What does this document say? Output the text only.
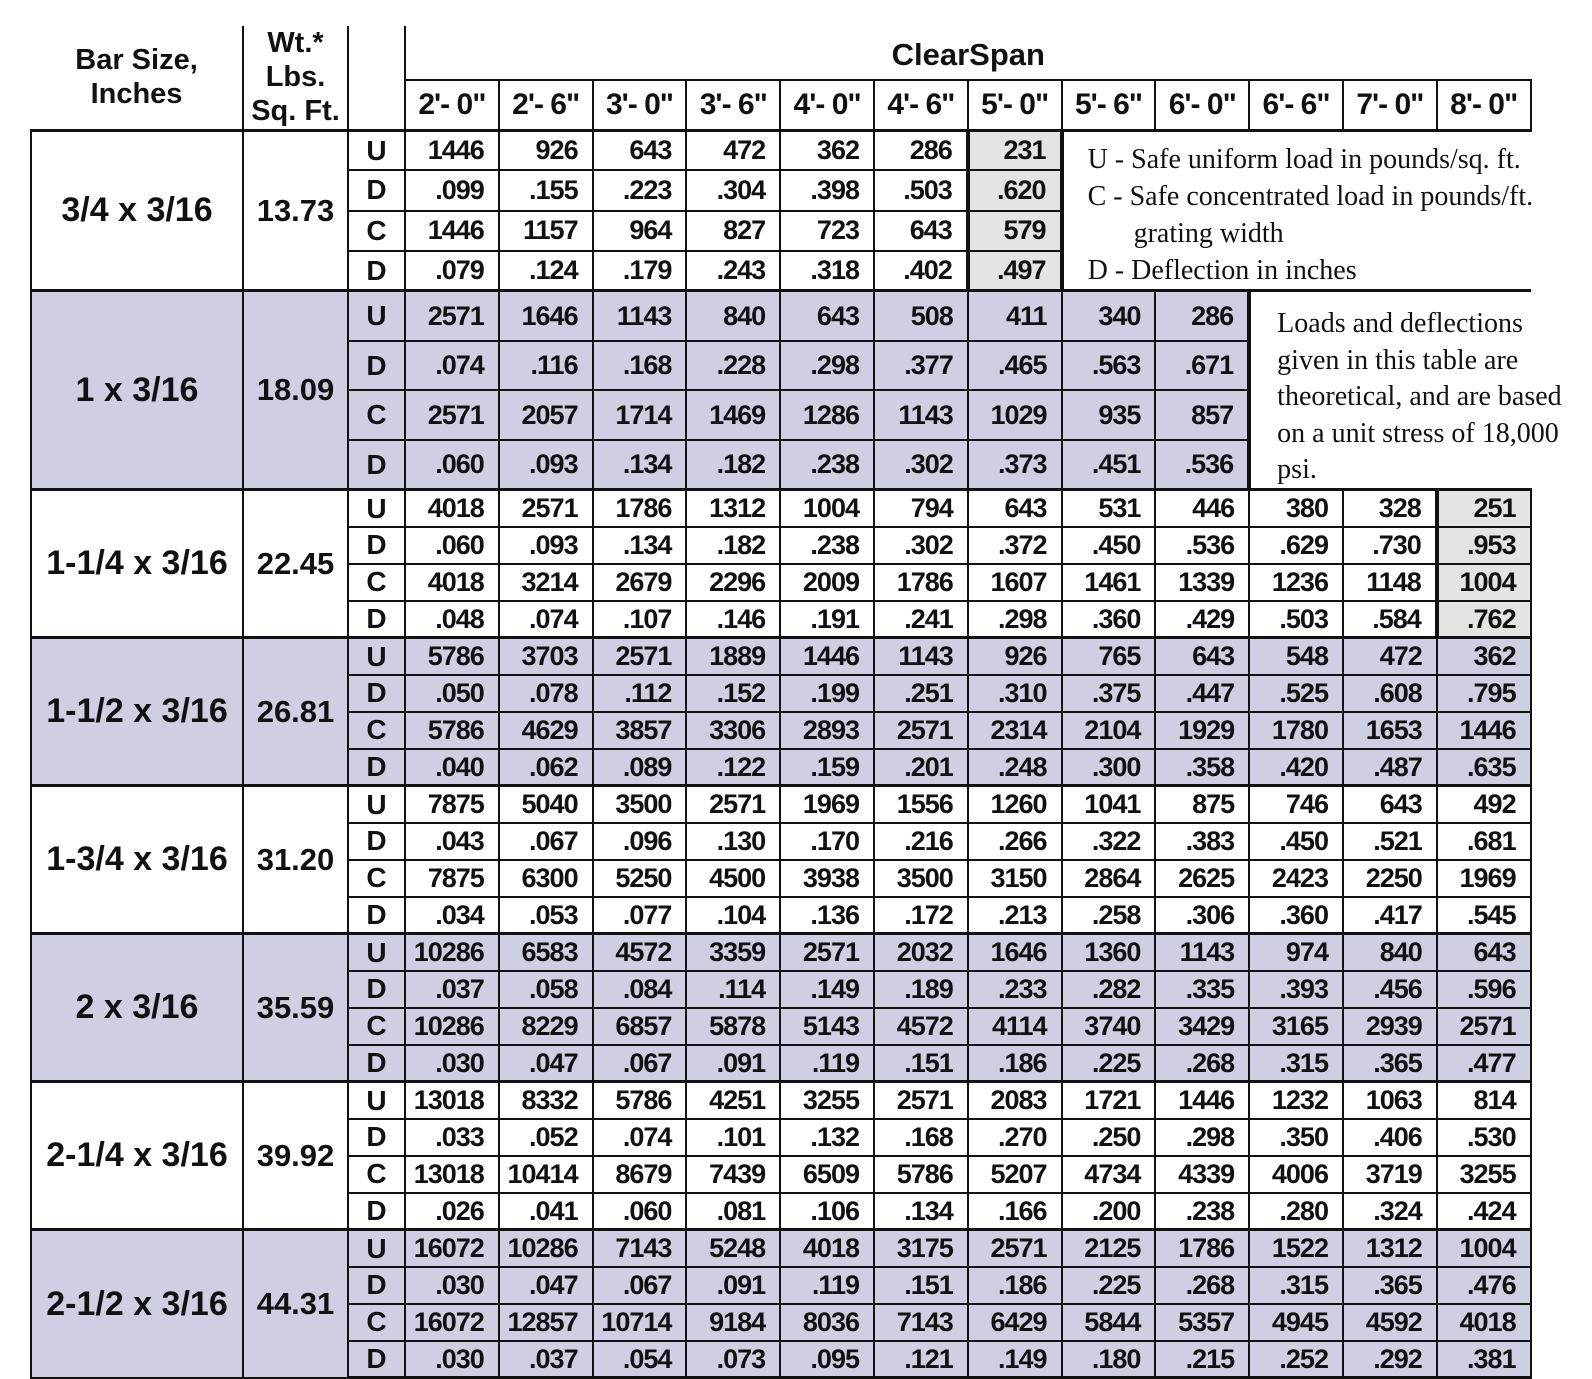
Bar Size,
Inches

Wt.*
Lbs.
Sq. Ft.
		ClearSpan
			2'- 0"	2'- 6"	3'- 0"	3'- 6"	4'- 0"	4'- 6"	5'- 0"	5'- 6"	6'- 0"	6'- 6"	7'- 0"	8'- 0"
3/4 x 3/16	13.73	U	1446	926	643	472	362	286	231	U - Safe uniform load in pounds/sq. ft.
C - Safe concentrated load in pounds/ft.
grating width
D - Deflection in inches				

		D	.099	.155	.223	.304	.398	.503	.620					
		C	1446	1157	964	827	723	643	579					
		D	.079	.124	.179	.243	.318	.402	.497					
1 x 3/16	18.09	U	2571	1646	1143	840	643	508	411	340	286	Loads and deflections given in this table are theoretical, and are based on a unit stress of 18,000 psi.		

		D	.074	.116	.168	.228	.298	.377	.465	.563	.671			
		C	2571	2057	1714	1469	1286	1143	1029	935	857			
		D	.060	.093	.134	.182	.238	.302	.373	.451	.536			
1-1/4 x 3/16	22.45	U	4018	2571	1786	1312	1004	794	643	531	446	380	328	251
		D	.060	.093	.134	.182	.238	.302	.372	.450	.536	.629	.730	.953
		C	4018	3214	2679	2296	2009	1786	1607	1461	1339	1236	1148	1004
		D	.048	.074	.107	.146	.191	.241	.298	.360	.429	.503	.584	.762
1-1/2 x 3/16	26.81	U	5786	3703	2571	1889	1446	1143	926	765	643	548	472	362
		D	.050	.078	.112	.152	.199	.251	.310	.375	.447	.525	.608	.795
		C	5786	4629	3857	3306	2893	2571	2314	2104	1929	1780	1653	1446
		D	.040	.062	.089	.122	.159	.201	.248	.300	.358	.420	.487	.635
1-3/4 x 3/16	31.20	U	7875	5040	3500	2571	1969	1556	1260	1041	875	746	643	492
		D	.043	.067	.096	.130	.170	.216	.266	.322	.383	.450	.521	.681
		C	7875	6300	5250	4500	3938	3500	3150	2864	2625	2423	2250	1969
		D	.034	.053	.077	.104	.136	.172	.213	.258	.306	.360	.417	.545
2 x 3/16	35.59	U	10286	6583	4572	3359	2571	2032	1646	1360	1143	974	840	643
		D	.037	.058	.084	.114	.149	.189	.233	.282	.335	.393	.456	.596
		C	10286	8229	6857	5878	5143	4572	4114	3740	3429	3165	2939	2571
		D	.030	.047	.067	.091	.119	.151	.186	.225	.268	.315	.365	.477
2-1/4 x 3/16	39.92	U	13018	8332	5786	4251	3255	2571	2083	1721	1446	1232	1063	814
		D	.033	.052	.074	.101	.132	.168	.270	.250	.298	.350	.406	.530
		C	13018	10414	8679	7439	6509	5786	5207	4734	4339	4006	3719	3255
		D	.026	.041	.060	.081	.106	.134	.166	.200	.238	.280	.324	.424
2-1/2 x 3/16	44.31	U	16072	10286	7143	5248	4018	3175	2571	2125	1786	1522	1312	1004
		D	.030	.047	.067	.091	.119	.151	.186	.225	.268	.315	.365	.476
		C	16072	12857	10714	9184	8036	7143	6429	5844	5357	4945	4592	4018
		D	.030	.037	.054	.073	.095	.121	.149	.180	.215	.252	.292	.381
